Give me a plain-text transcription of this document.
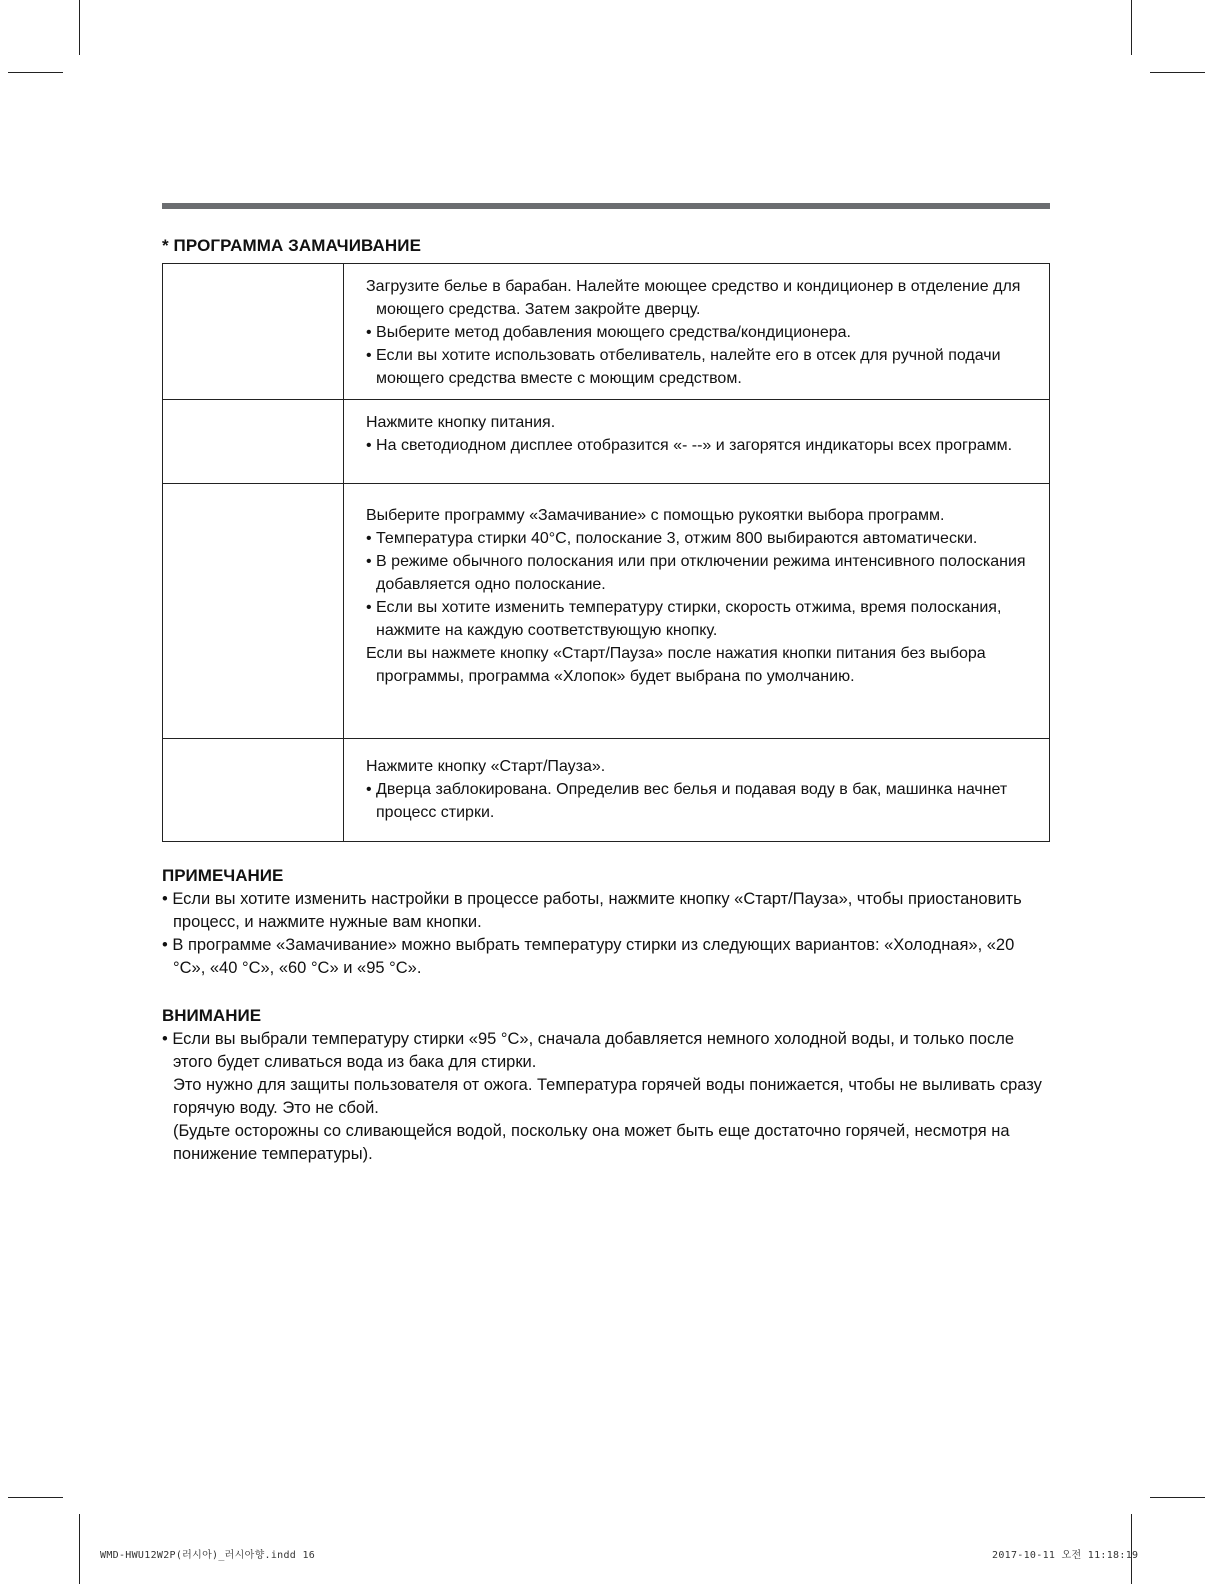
* ПРОГРАММА ЗАМАЧИВАНИЕ

	Загрузите белье в барабан. Налейте моющее средство и кондиционер в отделение для моющего средства. Затем закройте дверцу.
• Выберите метод добавления моющего средства/кондиционера.
• Если вы хотите использовать отбеливатель, налейте его в отсек для ручной подачи моющего средства вместе с моющим средством.

	Нажмите кнопку питания.
• На светодиодном дисплее отобразится «- --» и загорятся индикаторы всех программ.

	Выберите программу «Замачивание» с помощью рукоятки выбора программ.
• Температура стирки 40°C, полоскание 3, отжим 800 выбираются автоматически.
• В режиме обычного полоскания или при отключении режима интенсивного полоскания добавляется одно полоскание.
• Если вы хотите изменить температуру стирки, скорость отжима, время полоскания, нажмите на каждую соответствующую кнопку.
Если вы нажмете кнопку «Старт/Пауза» после нажатия кнопки питания без выбора программы, программа «Хлопок» будет выбрана по умолчанию.

	Нажмите кнопку «Старт/Пауза».
• Дверца заблокирована. Определив вес белья и подавая воду в бак, машинка начнет процесс стирки.
ПРИМЕЧАНИЕ
• Если вы хотите изменить настройки в процессе работы, нажмите кнопку «Старт/Пауза», чтобы приостановить процесс, и нажмите нужные вам кнопки.
• В программе «Замачивание» можно выбрать температуру стирки из следующих вариантов: «Холодная», «20 °C», «40 °C», «60 °C» и «95 °C».
ВНИМАНИЕ
• Если вы выбрали температуру стирки «95 °C», сначала добавляется немного холодной воды, и только после этого будет сливаться вода из бака для стирки.
Это нужно для защиты пользователя от ожога. Температура горячей воды понижается, чтобы не выливать сразу горячую воду. Это не сбой.
(Будьте осторожны со сливающейся водой, поскольку она может быть еще достаточно горячей, несмотря на понижение температуры).
WMD-HWU12W2P(러시아)_러시아향.indd 16	2017-10-11 오전 11:18:19
